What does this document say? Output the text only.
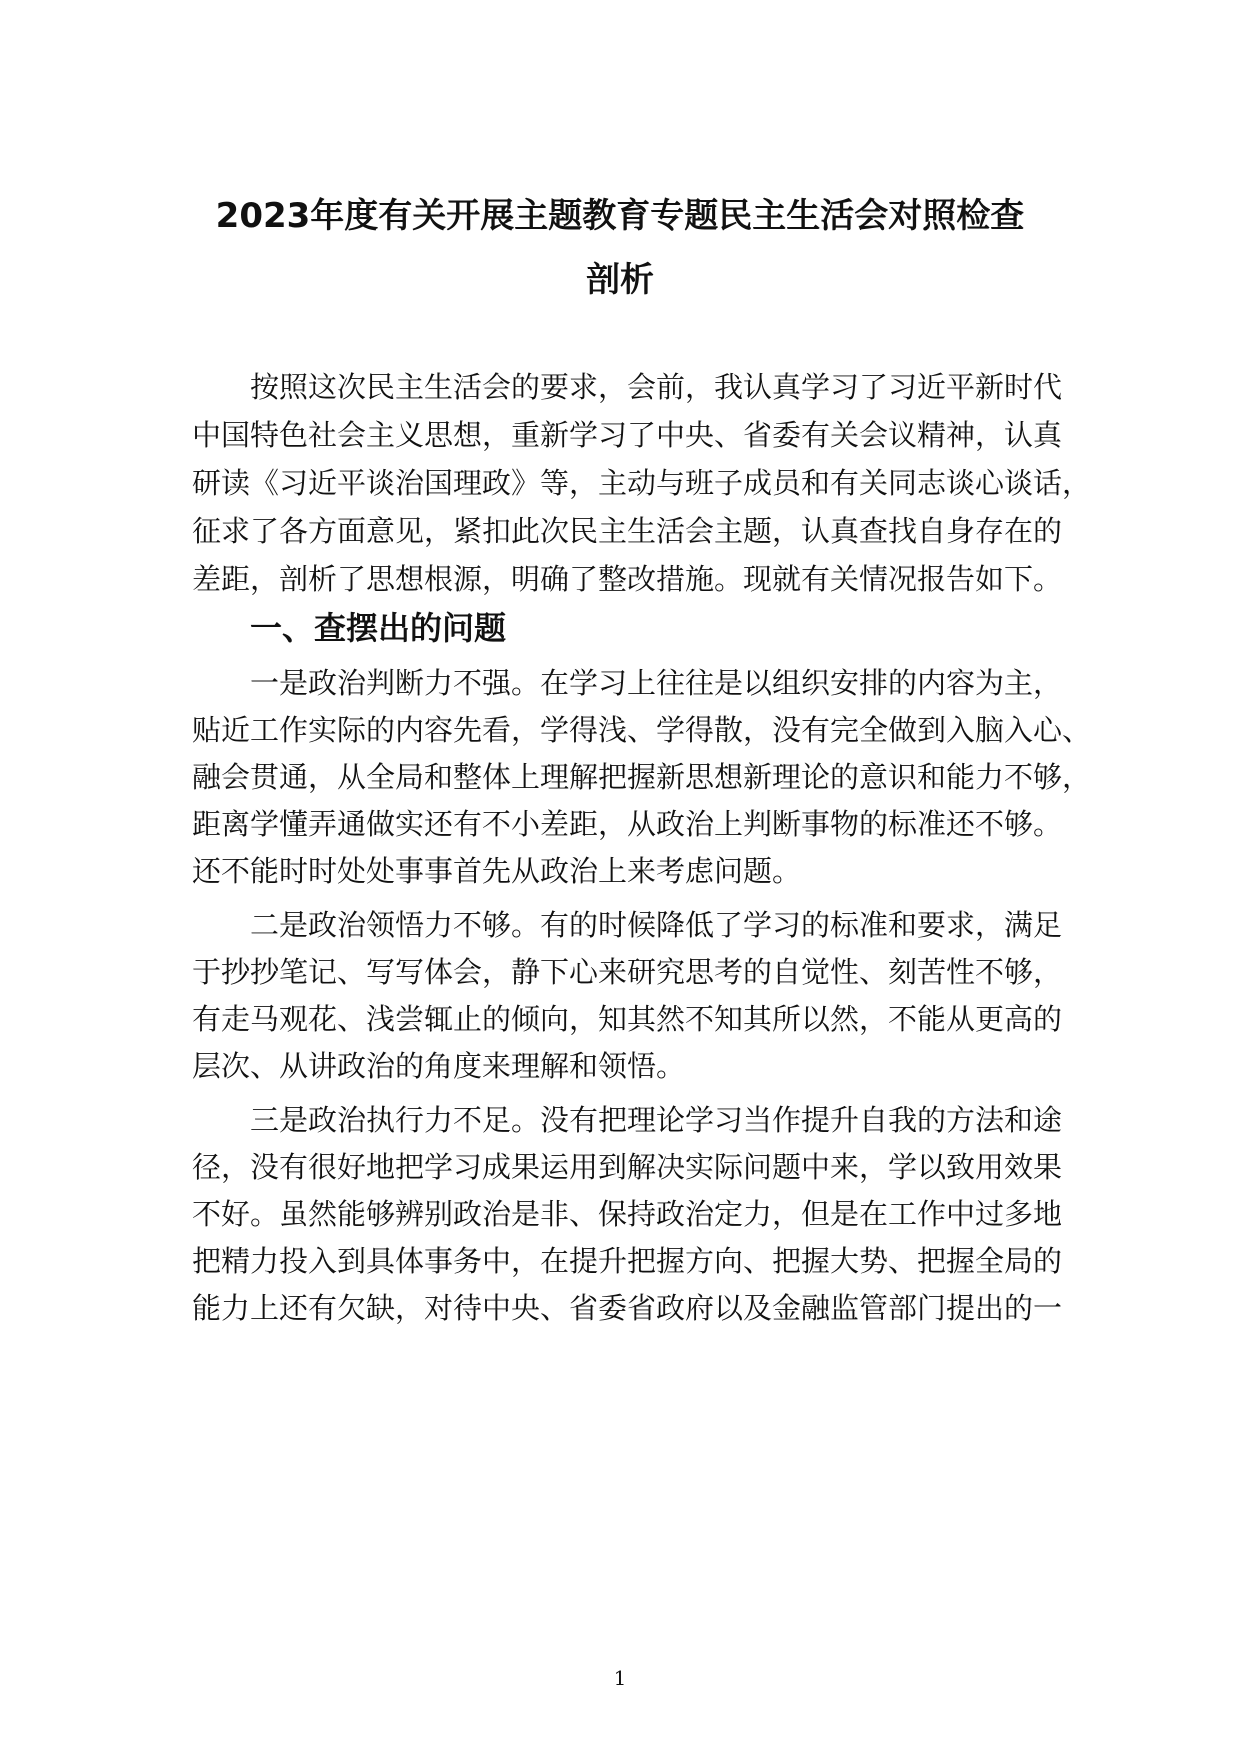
2023年度有关开展主题教育专题民主生活会对照检查
剖析
按照这次民主生活会的要求，会前，我认真学习了习近平新时代
中国特色社会主义思想，重新学习了中央、省委有关会议精神，认真
研读《习近平谈治国理政》等，主动与班子成员和有关同志谈心谈话，
征求了各方面意见，紧扣此次民主生活会主题，认真查找自身存在的
差距，剖析了思想根源，明确了整改措施。现就有关情况报告如下。
一、查摆出的问题
一是政治判断力不强。在学习上往往是以组织安排的内容为主，
贴近工作实际的内容先看，学得浅、学得散，没有完全做到入脑入心、
融会贯通，从全局和整体上理解把握新思想新理论的意识和能力不够，
距离学懂弄通做实还有不小差距，从政治上判断事物的标准还不够。
还不能时时处处事事首先从政治上来考虑问题。
二是政治领悟力不够。有的时候降低了学习的标准和要求，满足
于抄抄笔记、写写体会，静下心来研究思考的自觉性、刻苦性不够，
有走马观花、浅尝辄止的倾向，知其然不知其所以然，不能从更高的
层次、从讲政治的角度来理解和领悟。
三是政治执行力不足。没有把理论学习当作提升自我的方法和途
径，没有很好地把学习成果运用到解决实际问题中来，学以致用效果
不好。虽然能够辨别政治是非、保持政治定力，但是在工作中过多地
把精力投入到具体事务中，在提升把握方向、把握大势、把握全局的
能力上还有欠缺，对待中央、省委省政府以及金融监管部门提出的一
1
